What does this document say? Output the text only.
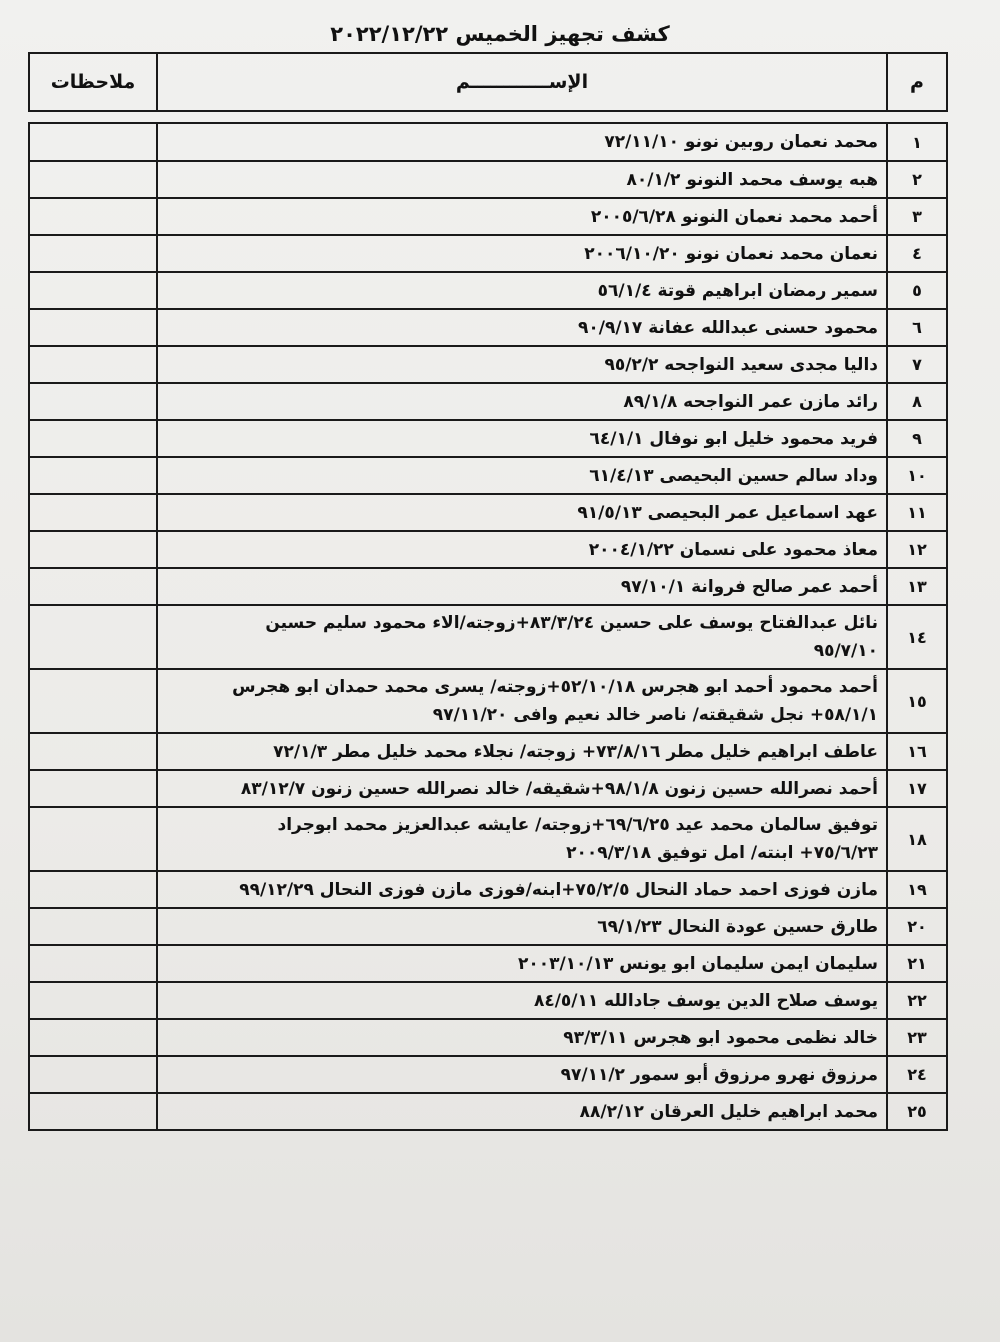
كشف تجهيز الخميس ٢٠٢٢/١٢/٢٢
م	الإســــــــــــم	ملاحظات

١	محمد نعمان روبين نونو ٧٢/١١/١٠	

٢	هبه يوسف محمد النونو ٨٠/١/٢	

٣	أحمد محمد نعمان النونو ٢٠٠٥/٦/٢٨	

٤	نعمان محمد نعمان نونو ٢٠٠٦/١٠/٢٠	

٥	سمير رمضان ابراهيم قوتة ٥٦/١/٤	

٦	محمود حسنى عبدالله عفانة ٩٠/٩/١٧	

٧	داليا مجدى سعيد النواجحه ٩٥/٢/٢	

٨	رائد مازن عمر النواجحه ٨٩/١/٨	

٩	فريد محمود خليل ابو نوفال ٦٤/١/١	

١٠	وداد سالم حسين البحيصى ٦١/٤/١٣	

١١	عهد اسماعيل عمر البحيصى ٩١/٥/١٣	

١٢	معاذ محمود على نسمان ٢٠٠٤/١/٢٢	

١٣	أحمد عمر صالح فروانة ٩٧/١٠/١	

١٤	نائل عبدالفتاح يوسف على حسين ٨٣/٣/٢٤+زوجته/الاء محمود سليم حسين
٩٥/٧/١٠	

١٥	أحمد محمود أحمد ابو هجرس ٥٢/١٠/١٨+زوجته/ يسرى محمد حمدان ابو هجرس
٥٨/١/١+ نجل شقيقته/ ناصر خالد نعيم وافى ٩٧/١١/٢٠	

١٦	عاطف ابراهيم خليل مطر ٧٣/٨/١٦+ زوجته/ نجلاء محمد خليل مطر ٧٢/١/٣	

١٧	أحمد نصرالله حسين زنون ٩٨/١/٨+شقيقه/ خالد نصرالله حسين زنون ٨٣/١٢/٧	

١٨	توفيق سالمان محمد عيد ٦٩/٦/٢٥+زوجته/ عايشه عبدالعزيز محمد ابوجراد
٧٥/٦/٢٣+ ابنته/ امل توفيق ٢٠٠٩/٣/١٨	

١٩	مازن فوزى احمد حماد النحال ٧٥/٢/٥+ابنه/فوزى مازن فوزى النحال ٩٩/١٢/٢٩	

٢٠	طارق حسين عودة النحال ٦٩/١/٢٣	

٢١	سليمان ايمن سليمان ابو يونس ٢٠٠٣/١٠/١٣	

٢٢	يوسف صلاح الدين يوسف جادالله ٨٤/٥/١١	

٢٣	خالد نظمى محمود ابو هجرس ٩٣/٣/١١	

٢٤	مرزوق نهرو مرزوق أبو سمور ٩٧/١١/٢	

٢٥	محمد ابراهيم خليل العرقان ٨٨/٢/١٢	
